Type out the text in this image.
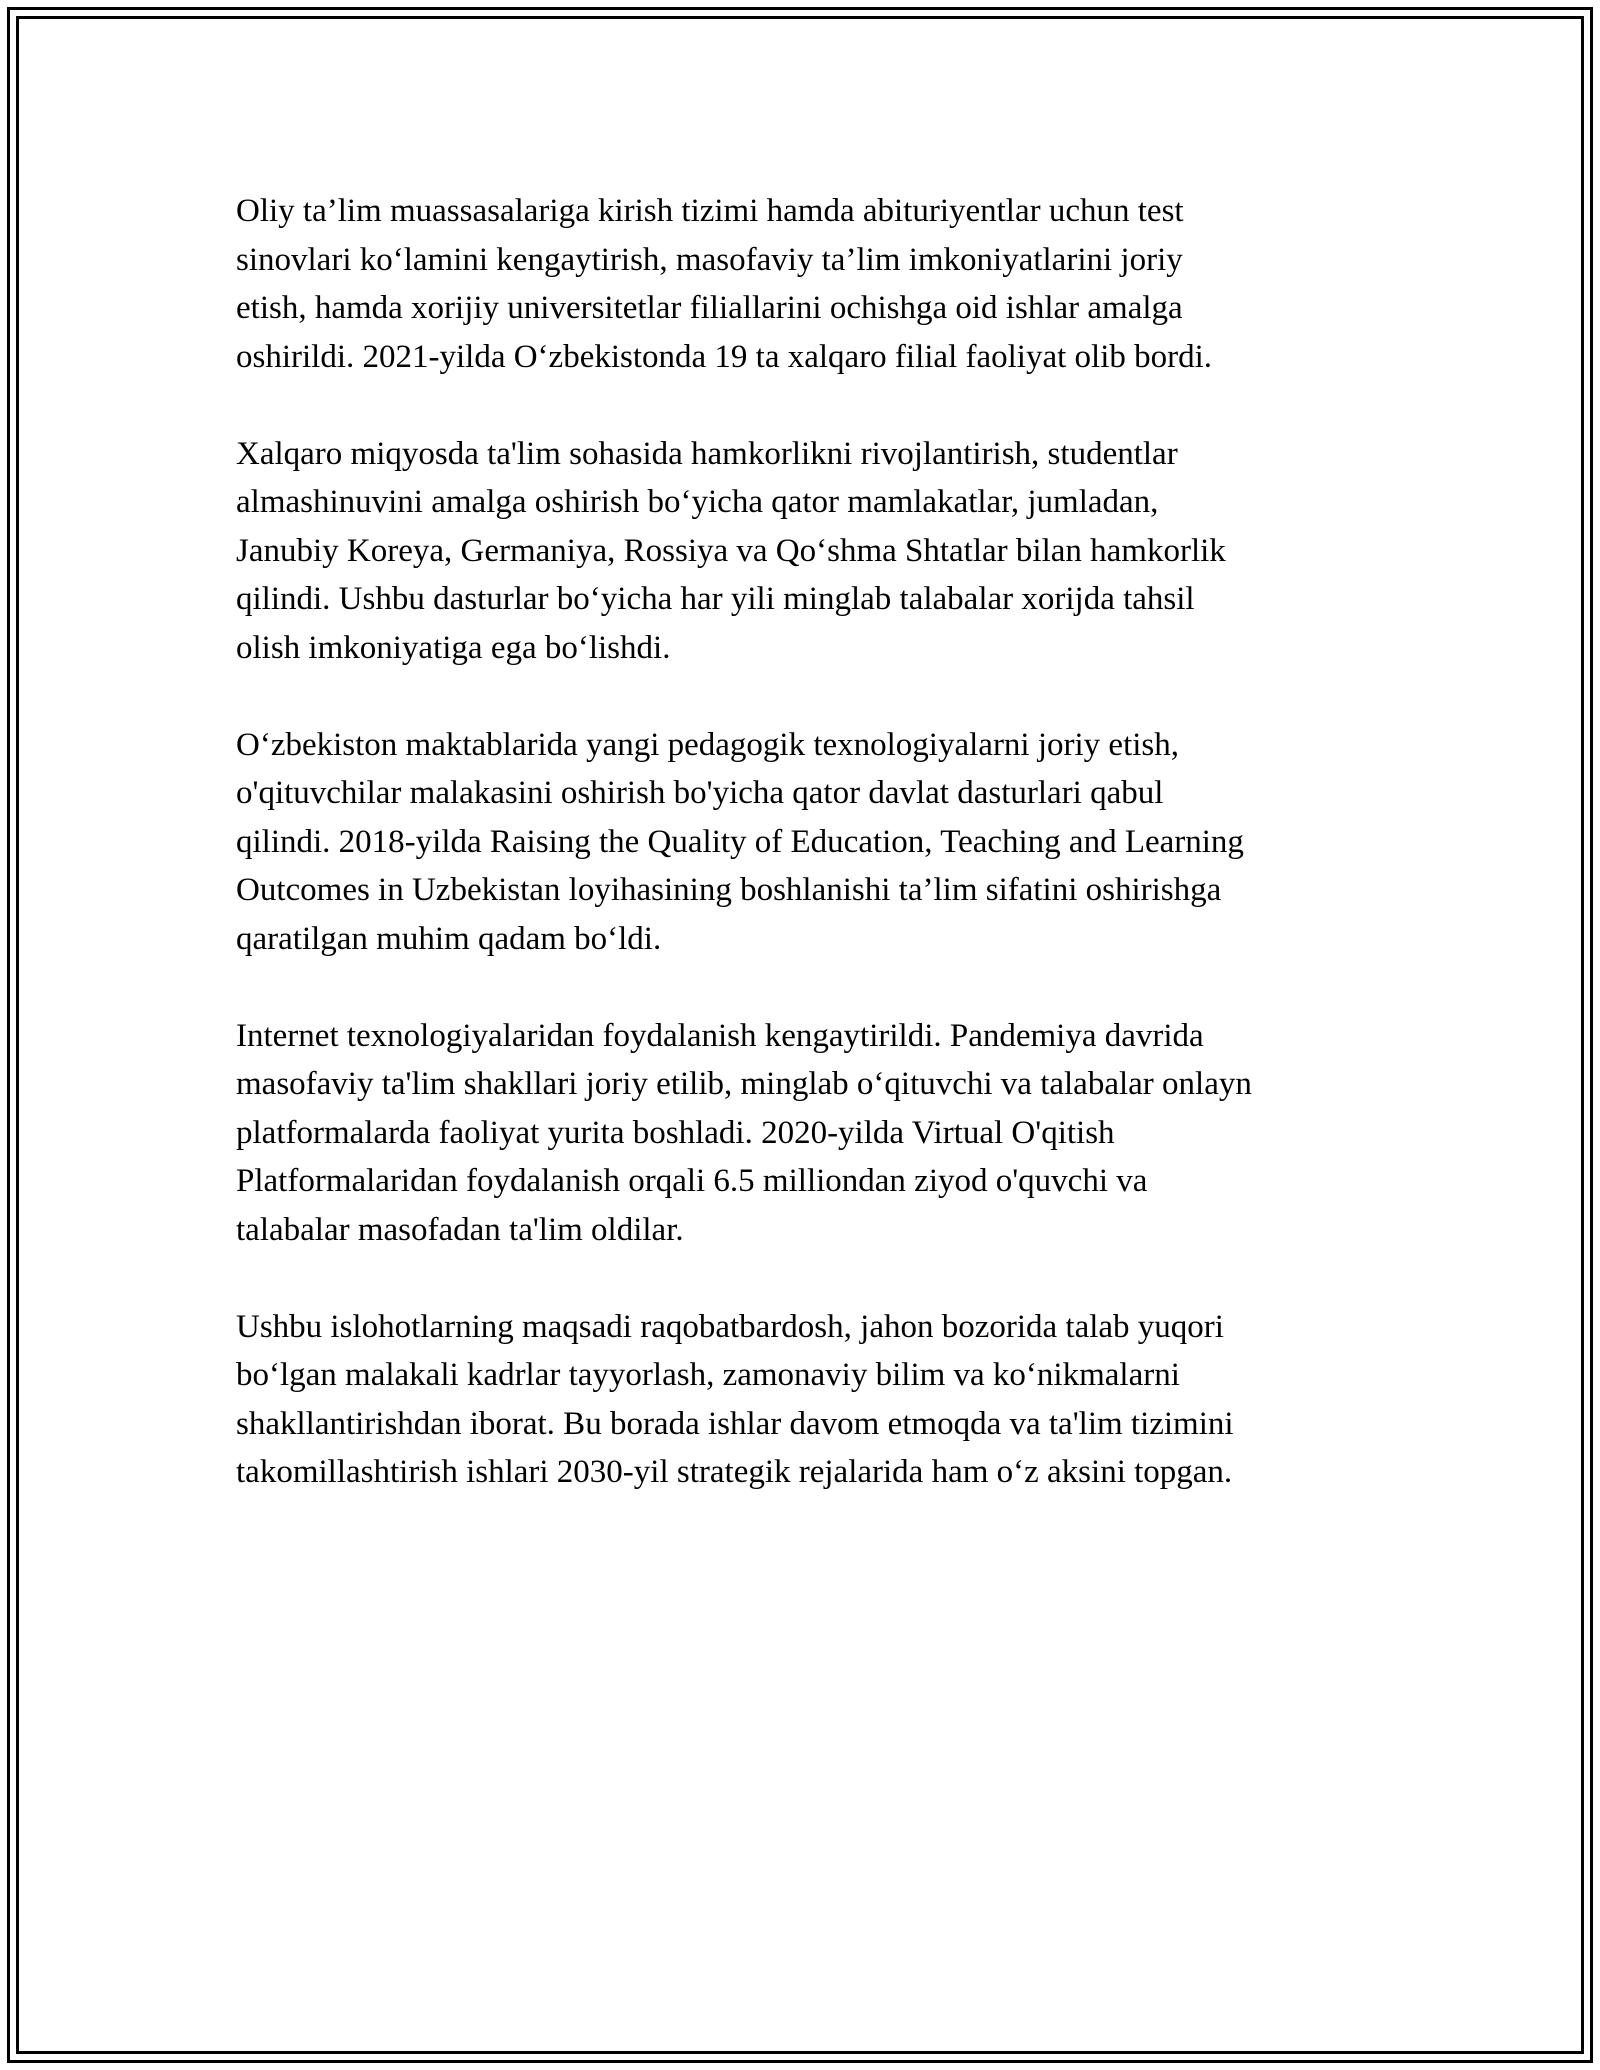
Oliy ta’lim muassasalariga kirish tizimi hamda abituriyentlar uchun test
sinovlari koʻlamini kengaytirish, masofaviy ta’lim imkoniyatlarini joriy
etish, hamda xorijiy universitetlar filiallarini ochishga oid ishlar amalga
oshirildi. 2021-yilda Oʻzbekistonda 19 ta xalqaro filial faoliyat olib bordi.

Xalqaro miqyosda ta'lim sohasida hamkorlikni rivojlantirish, studentlar
almashinuvini amalga oshirish boʻyicha qator mamlakatlar, jumladan,
Janubiy Koreya, Germaniya, Rossiya va Qoʻshma Shtatlar bilan hamkorlik
qilindi. Ushbu dasturlar boʻyicha har yili minglab talabalar xorijda tahsil
olish imkoniyatiga ega boʻlishdi.

Oʻzbekiston maktablarida yangi pedagogik texnologiyalarni joriy etish,
o'qituvchilar malakasini oshirish bo'yicha qator davlat dasturlari qabul
qilindi. 2018-yilda Raising the Quality of Education, Teaching and Learning
Outcomes in Uzbekistan loyihasining boshlanishi ta’lim sifatini oshirishga
qaratilgan muhim qadam boʻldi.

Internet texnologiyalaridan foydalanish kengaytirildi. Pandemiya davrida
masofaviy ta'lim shakllari joriy etilib, minglab oʻqituvchi va talabalar onlayn
platformalarda faoliyat yurita boshladi. 2020-yilda Virtual O'qitish
Platformalaridan foydalanish orqali 6.5 milliondan ziyod o'quvchi va
talabalar masofadan ta'lim oldilar.

Ushbu islohotlarning maqsadi raqobatbardosh, jahon bozorida talab yuqori
boʻlgan malakali kadrlar tayyorlash, zamonaviy bilim va koʻnikmalarni
shakllantirishdan iborat. Bu borada ishlar davom etmoqda va ta'lim tizimini
takomillashtirish ishlari 2030-yil strategik rejalarida ham oʻz aksini topgan.
